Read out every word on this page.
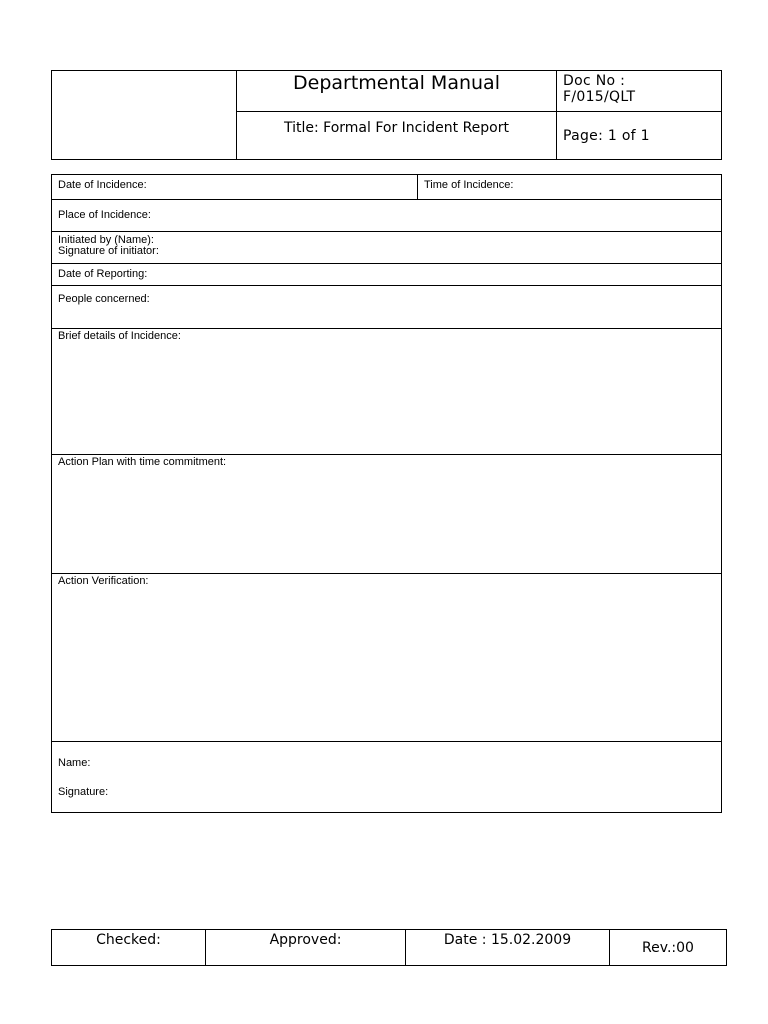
	Departmental Manual	Doc No :
F/015/QLT
	Title: Formal For Incident Report	Page: 1 of 1
Date of Incidence:	Time of Incidence:
Place of Incidence:
Initiated by (Name):
Signature of initiator:
Date of Reporting:
People concerned:
Brief details of Incidence:
Action Plan with time commitment:
Action Verification:
Name:
Signature:
Checked:	Approved:	Date : 15.02.2009	Rev.:00
